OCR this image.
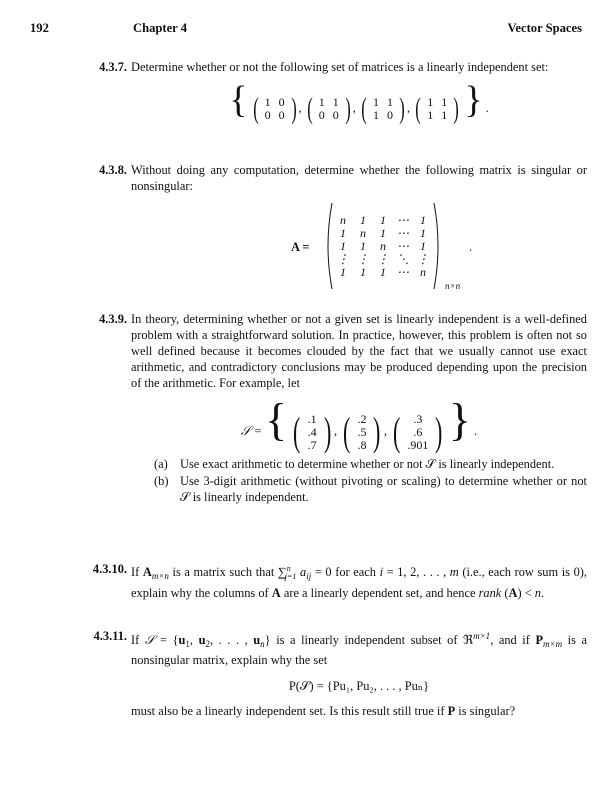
192	Chapter 4	Vector Spaces
4.3.7. Determine whether or not the following set of matrices is a linearly independent set:

{ ( 1	0
0	0 ) , ( 1	1
0	0 ) , ( 1	1
1	0 ) , ( 1	1
1	1 ) } .
4.3.8. Without doing any computation, determine whether the following matrix is singular or nonsingular:

A =
n	1	1	⋯	1
1	n	1	⋯	1
1	1	n	⋯	1
⋮	⋮	⋮	⋱	⋮
1	1	1	⋯	n
n×n
.
4.3.9. In theory, determining whether or not a given set is linearly independent is a well-defined problem with a straightforward solution. In practice, however, this problem is often not so well defined because it becomes clouded by the fact that we usually cannot use exact arithmetic, and contradictory conclusions may be produced depending upon the precision of the arithmetic. For example, let

𝒮 = { ( .1
.4
.7 ) , ( .2
.5
.8 ) , ( .3
.6
.901 ) } .
(a) Use exact arithmetic to determine whether or not 𝒮 is linearly independent.
(b) Use 3-digit arithmetic (without pivoting or scaling) to determine whether or not 𝒮 is linearly independent.
4.3.10. If $A_{m\times n}$ is a matrix such that ∑$^n_{j=1}$ $a_{ij} = 0$ for each i = 1, 2, . . . , m (i.e., each row sum is 0), explain why the columns of A are a linearly dependent set, and hence rank (A) < n.

4.3.11. If 𝒮 = {$u_1$, $u_2$, . . . , $u_n$} is a linearly independent subset of ℜ$^{m\times 1}$, and if $P_{m\times m}$ is a nonsingular matrix, explain why the set

P(𝒮) = {Pu₁, Pu₂, . . . , Puₙ}

must also be a linearly independent set. Is this result still true if P is singular?
